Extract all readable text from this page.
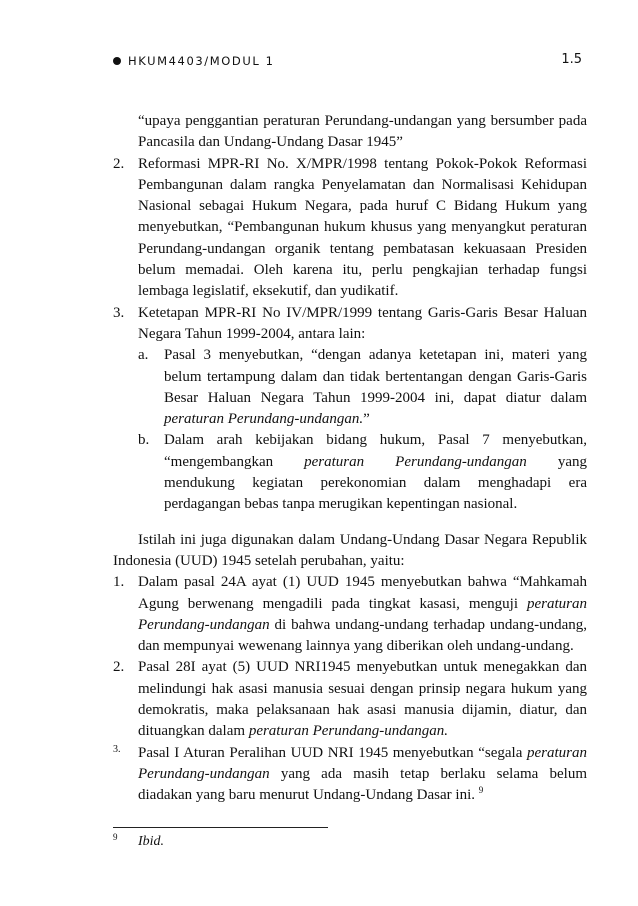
HKUM4403/MODUL 1	1.5

“upaya penggantian peraturan Perundang-undangan yang bersumber pada Pancasila dan Undang-Undang Dasar 1945”

2. Reformasi MPR-RI No. X/MPR/1998 tentang Pokok-Pokok Reformasi Pembangunan dalam rangka Penyelamatan dan Normalisasi Kehidupan Nasional sebagai Hukum Negara, pada huruf C Bidang Hukum yang menyebutkan, “Pembangunan hukum khusus yang menyangkut peraturan Perundang-undangan organik tentang pembatasan kekuasaan Presiden belum memadai. Oleh karena itu, perlu pengkajian terhadap fungsi lembaga legislatif, eksekutif, dan yudikatif.

3. Ketetapan MPR-RI No IV/MPR/1999 tentang Garis-Garis Besar Haluan Negara Tahun 1999-2004, antara lain:

a. Pasal 3 menyebutkan, “dengan adanya ketetapan ini, materi yang belum tertampung dalam dan tidak bertentangan dengan Garis-Garis Besar Haluan Negara Tahun 1999-2004 ini, dapat diatur dalam peraturan Perundang-undangan.”

b. Dalam arah kebijakan bidang hukum, Pasal 7 menyebutkan,

“mengembangkan peraturan Perundang-undangan yang

mendukung kegiatan perekonomian dalam menghadapi era perdagangan bebas tanpa merugikan kepentingan nasional.

Istilah ini juga digunakan dalam Undang-Undang Dasar Negara Republik Indonesia (UUD) 1945 setelah perubahan, yaitu:

1. Dalam pasal 24A ayat (1) UUD 1945 menyebutkan bahwa “Mahkamah Agung berwenang mengadili pada tingkat kasasi, menguji peraturan Perundang-undangan di bahwa undang-undang terhadap undang-undang, dan mempunyai wewenang lainnya yang diberikan oleh undang-undang.

2. Pasal 28I ayat (5) UUD NRI1945 menyebutkan untuk menegakkan dan melindungi hak asasi manusia sesuai dengan prinsip negara hukum yang demokratis, maka pelaksanaan hak asasi manusia dijamin, diatur, dan dituangkan dalam peraturan Perundang-undangan.

3. Pasal I Aturan Peralihan UUD NRI 1945 menyebutkan “segala peraturan Perundang-undangan yang ada masih tetap berlaku selama belum diadakan yang baru menurut Undang-Undang Dasar ini. $^9$

9 Ibid.
